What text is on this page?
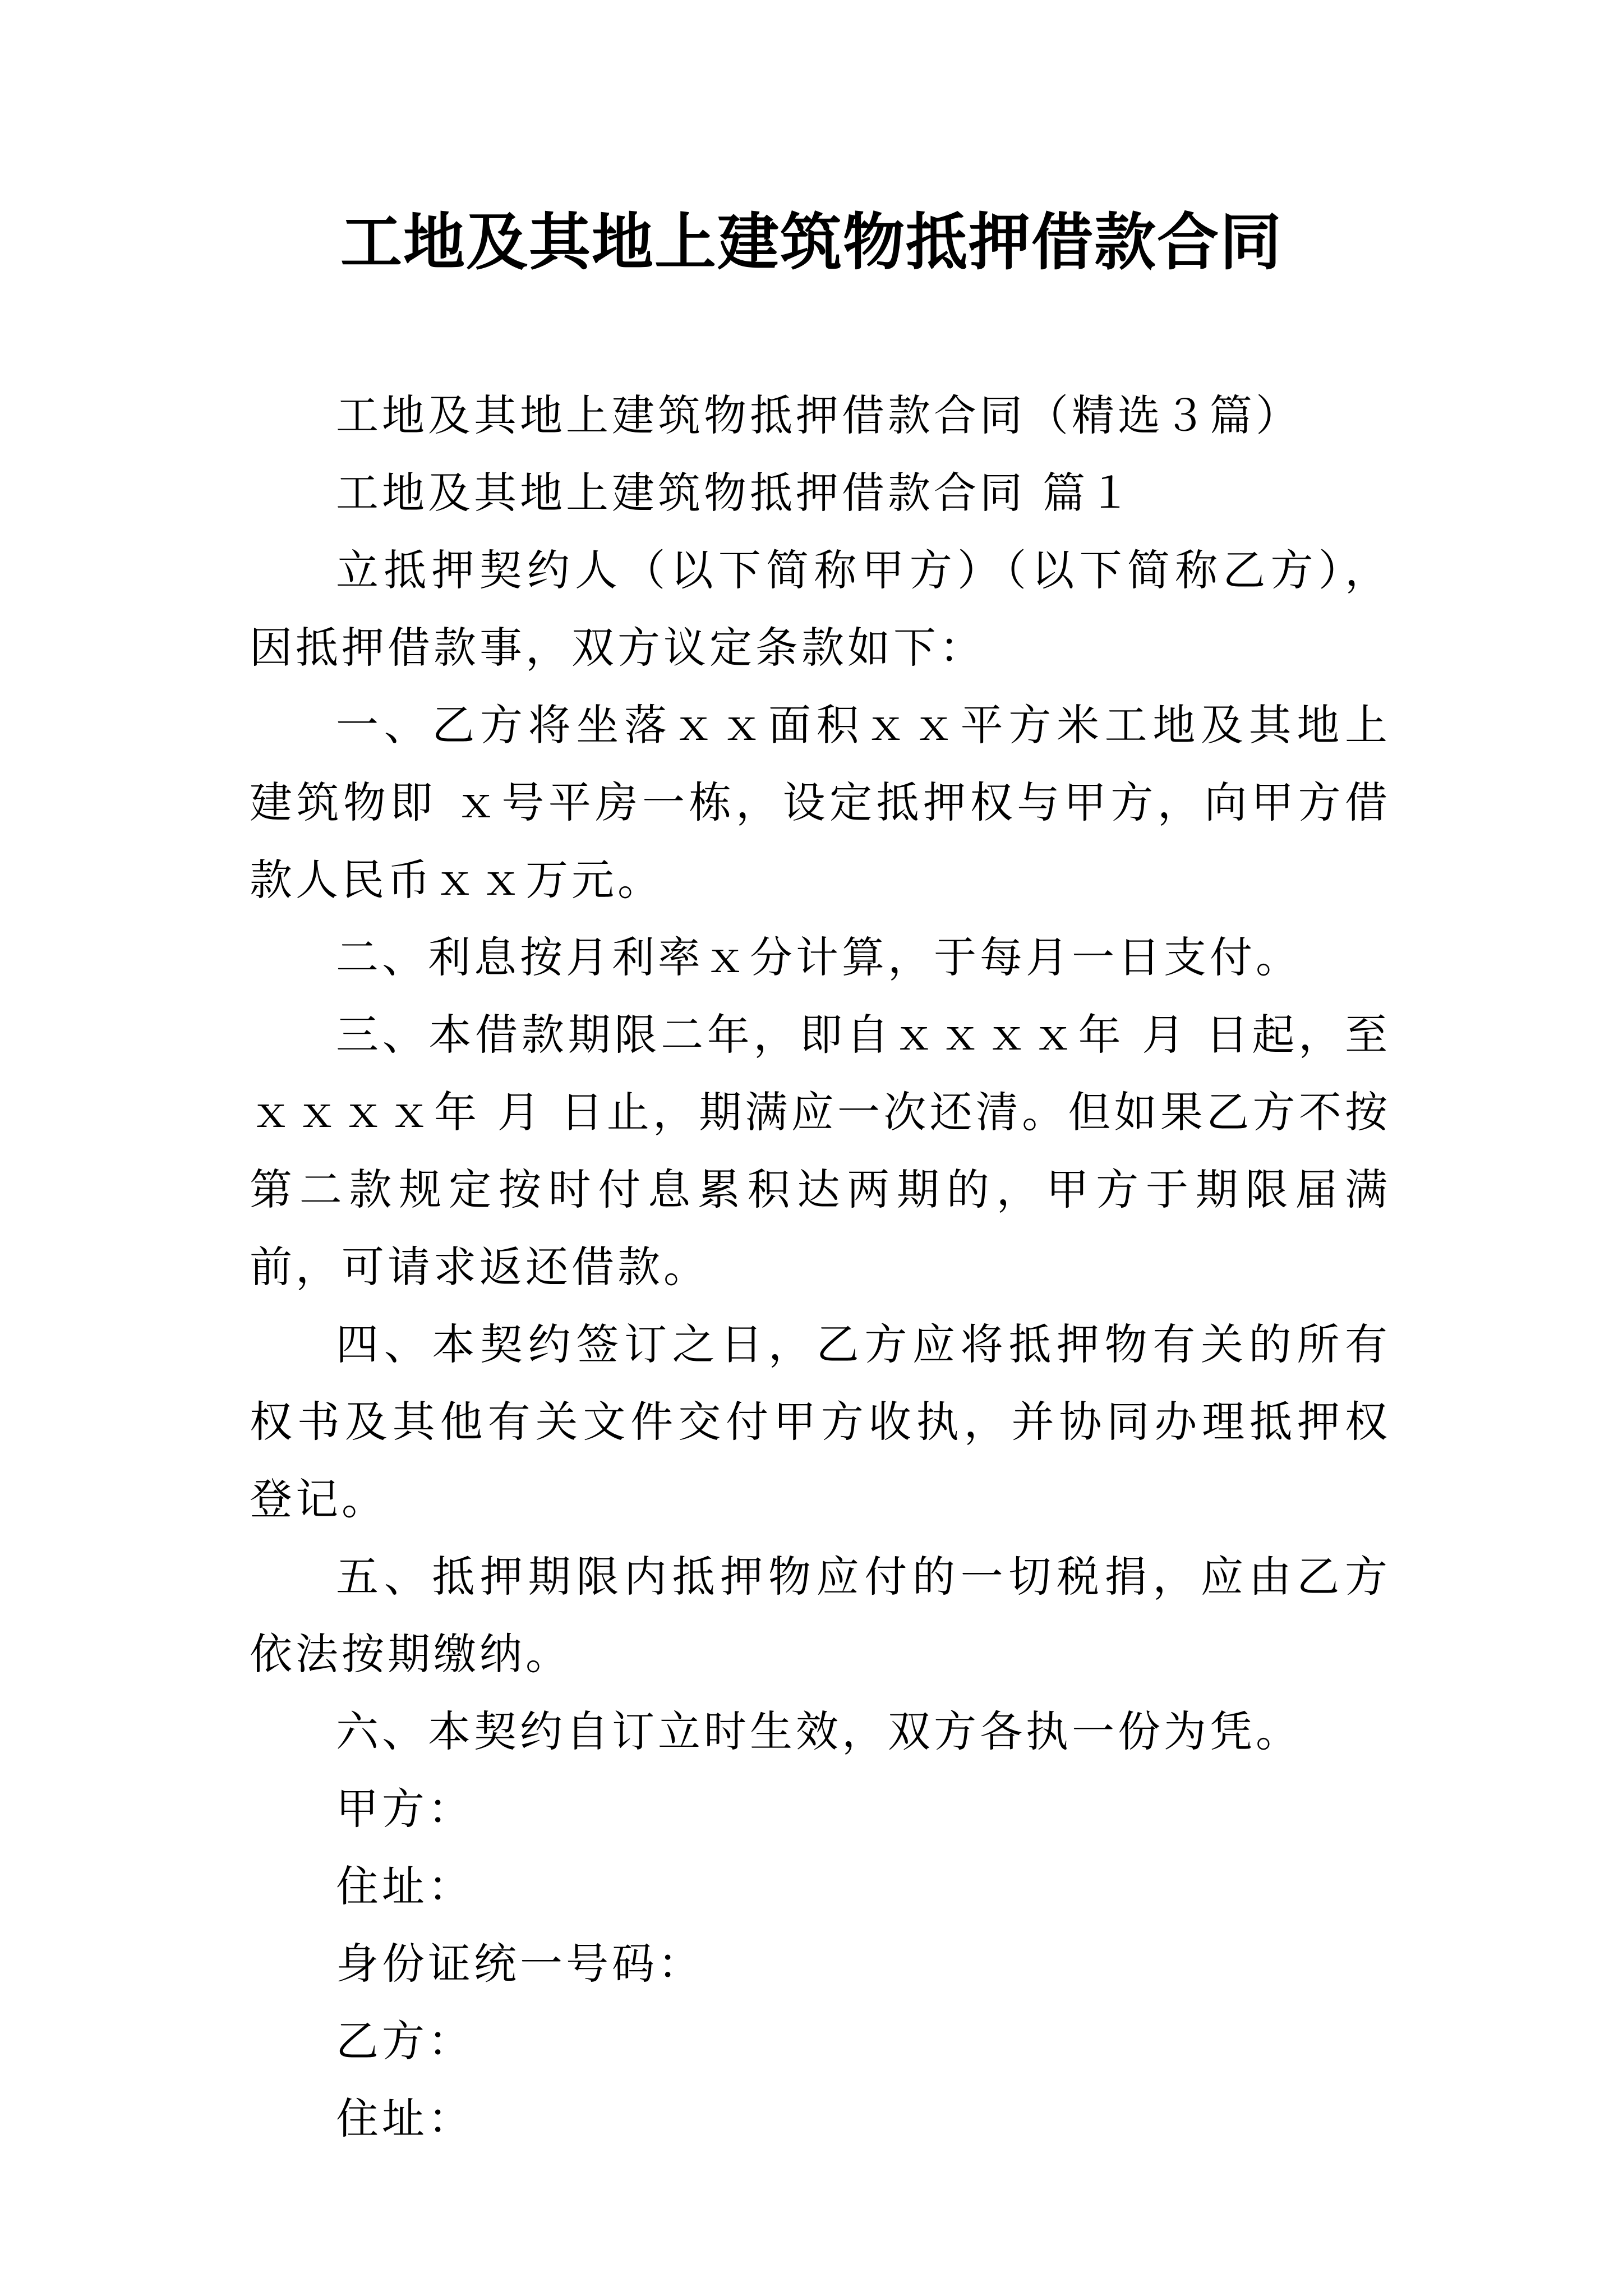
工地及其地上建筑物抵押借款合同

工地及其地上建筑物抵押借款合同（精选３篇）

工地及其地上建筑物抵押借款合同 篇１

立抵押契约人（以下简称甲方）（以下简称乙方），因抵押借款事，双方议定条款如下：

一、乙方将坐落ｘｘ面积ｘｘ平方米工地及其地上建筑物即 ｘ号平房一栋，设定抵押权与甲方，向甲方借款人民币ｘｘ万元。

二、利息按月利率ｘ分计算，于每月一日支付。

三、本借款期限二年，即自ｘｘｘｘ年 月 日起，至ｘｘｘｘ年 月 日止，期满应一次还清。但如果乙方不按第二款规定按时付息累积达两期的，甲方于期限届满前，可请求返还借款。

四、本契约签订之日，乙方应将抵押物有关的所有权书及其他有关文件交付甲方收执，并协同办理抵押权登记。

五、抵押期限内抵押物应付的一切税捐，应由乙方依法按期缴纳。

六、本契约自订立时生效，双方各执一份为凭。

甲方：

住址：

身份证统一号码：

乙方：

住址：
